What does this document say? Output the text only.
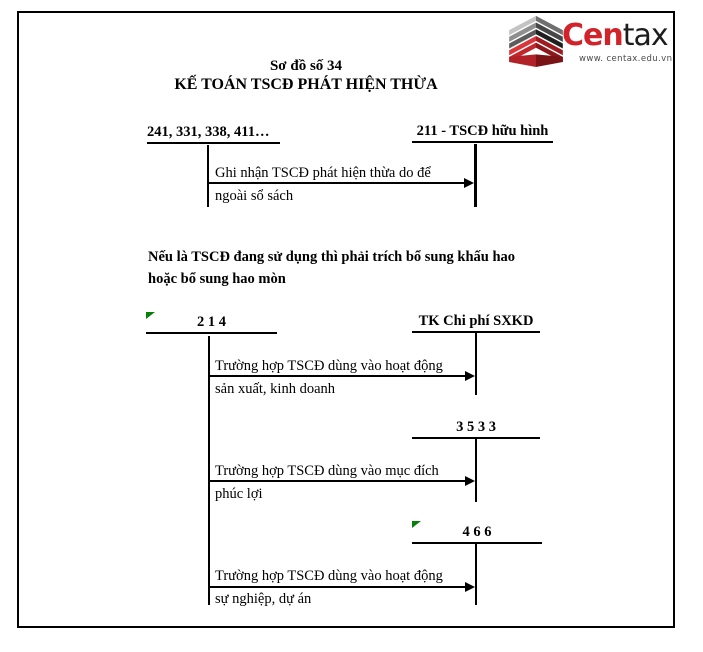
Centax
www. centax.edu.vn
Sơ đồ số 34
KẾ TOÁN TSCĐ PHÁT HIỆN THỪA
241, 331, 338, 411…	211 - TSCĐ hữu hình
Ghi nhận TSCĐ phát hiện thừa do để
ngoài sổ sách
Nếu là TSCĐ đang sử dụng thì phải trích bổ sung khấu hao
hoặc bổ sung hao mòn
2 1 4	TK Chi phí SXKD
Trường hợp TSCĐ dùng vào hoạt động
sản xuất, kinh doanh
3 5 3 3
Trường hợp TSCĐ dùng vào mục đích
phúc lợi
4 6 6
Trường hợp TSCĐ dùng vào hoạt động
sự nghiệp, dự án
